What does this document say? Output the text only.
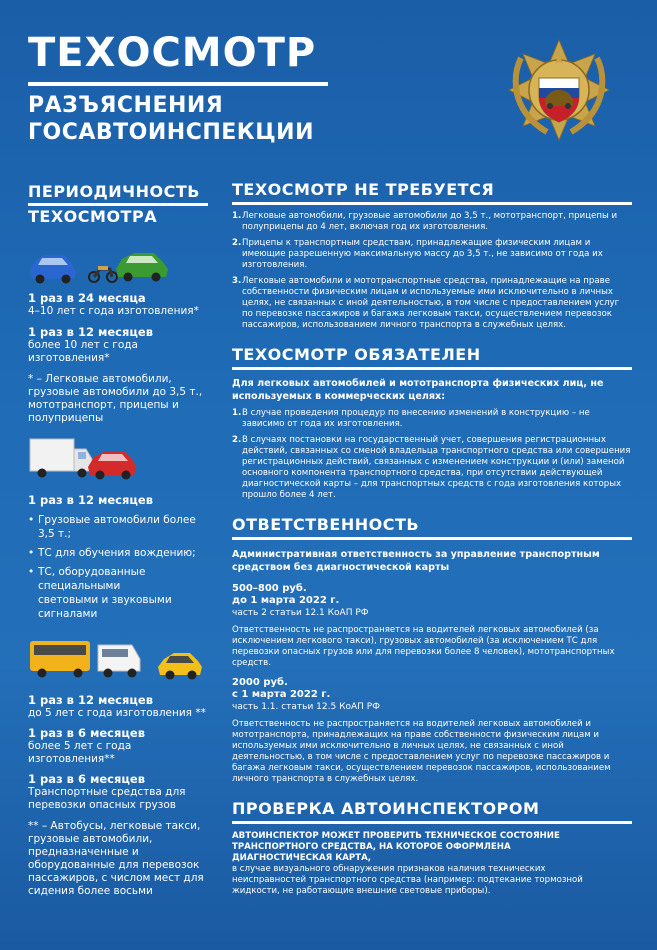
ТЕХОСМОТР
РАЗЪЯСНЕНИЯ
ГОСАВТОИНСПЕКЦИИ
ПЕРИОДИЧНОСТЬ
ТЕХОСМОТРА
1 раз в 24 месяца
4–10 лет с года изготовления*
1 раз в 12 месяцев
более 10 лет с года изготовления*
* – Легковые автомобили, грузовые автомобили до 3,5 т., мототранспорт, прицепы и полуприцепы
1 раз в 12 месяцев
• Грузовые автомобили более 3,5 т.;
• ТС для обучения вождению;
• ТС, оборудованные специальными световыми и звуковыми сигналами
1 раз в 12 месяцев
до 5 лет с года изготовления **
1 раз в 6 месяцев
более 5 лет с года изготовления**
1 раз в 6 месяцев
Транспортные средства для перевозки опасных грузов
** – Автобусы, легковые такси, грузовые автомобили, предназначенные и оборудованные для перевозок пассажиров, с числом мест для сидения более восьми
ТЕХОСМОТР НЕ ТРЕБУЕТСЯ
1. Легковые автомобили, грузовые автомобили до 3,5 т., мототранспорт, прицепы и полуприцепы до 4 лет, включая год их изготовления.
2. Прицепы к транспортным средствам, принадлежащие физическим лицам и имеющие разрешенную максимальную массу до 3,5 т., не зависимо от года их изготовления.
3. Легковые автомобили и мототранспортные средства, принадлежащие на праве собственности физическим лицам и используемые ими исключительно в личных целях, не связанных с иной деятельностью, в том числе с предоставлением услуг по перевозке пассажиров и багажа легковым такси, осуществлением перевозок пассажиров, использованием личного транспорта в служебных целях.
ТЕХОСМОТР ОБЯЗАТЕЛЕН
Для легковых автомобилей и мототранспорта физических лиц, не используемых в коммерческих целях:
1. В случае проведения процедур по внесению изменений в конструкцию – не зависимо от года их изготовления.
2. В случаях постановки на государственный учет, совершения регистрационных действий, связанных со сменой владельца транспортного средства или совершения регистрационных действий, связанных с изменением конструкции и (или) заменой основного компонента транспортного средства, при отсутствии действующей диагностической карты – для транспортных средств с года изготовления которых прошло более 4 лет.
ОТВЕТСТВЕННОСТЬ
Административная ответственность за управление транспортным средством без диагностической карты
500–800 руб.
до 1 марта 2022 г.
часть 2 статьи 12.1 КоАП РФ
Ответственность не распространяется на водителей легковых автомобилей (за исключением легкового такси), грузовых автомобилей (за исключением ТС для перевозки опасных грузов или для перевозки более 8 человек), мототранспортных средств.
2000 руб.
с 1 марта 2022 г.
часть 1.1. статьи 12.5 КоАП РФ
Ответственность не распространяется на водителей легковых автомобилей и мототранспорта, принадлежащих на праве собственности физическим лицам и используемых ими исключительно в личных целях, не связанных с иной деятельностью, в том числе с предоставлением услуг по перевозке пассажиров и багажа легковым такси, осуществлением перевозок пассажиров, использованием личного транспорта в служебных целях.
ПРОВЕРКА АВТОИНСПЕКТОРОМ
АВТОИНСПЕКТОР МОЖЕТ ПРОВЕРИТЬ ТЕХНИЧЕСКОЕ СОСТОЯНИЕ ТРАНСПОРТНОГО СРЕДСТВА, НА КОТОРОЕ ОФОРМЛЕНА ДИАГНОСТИЧЕСКАЯ КАРТА,
в случае визуального обнаружения признаков наличия технических неисправностей транспортного средства (например: подтекание тормозной жидкости, не работающие внешние световые приборы).
